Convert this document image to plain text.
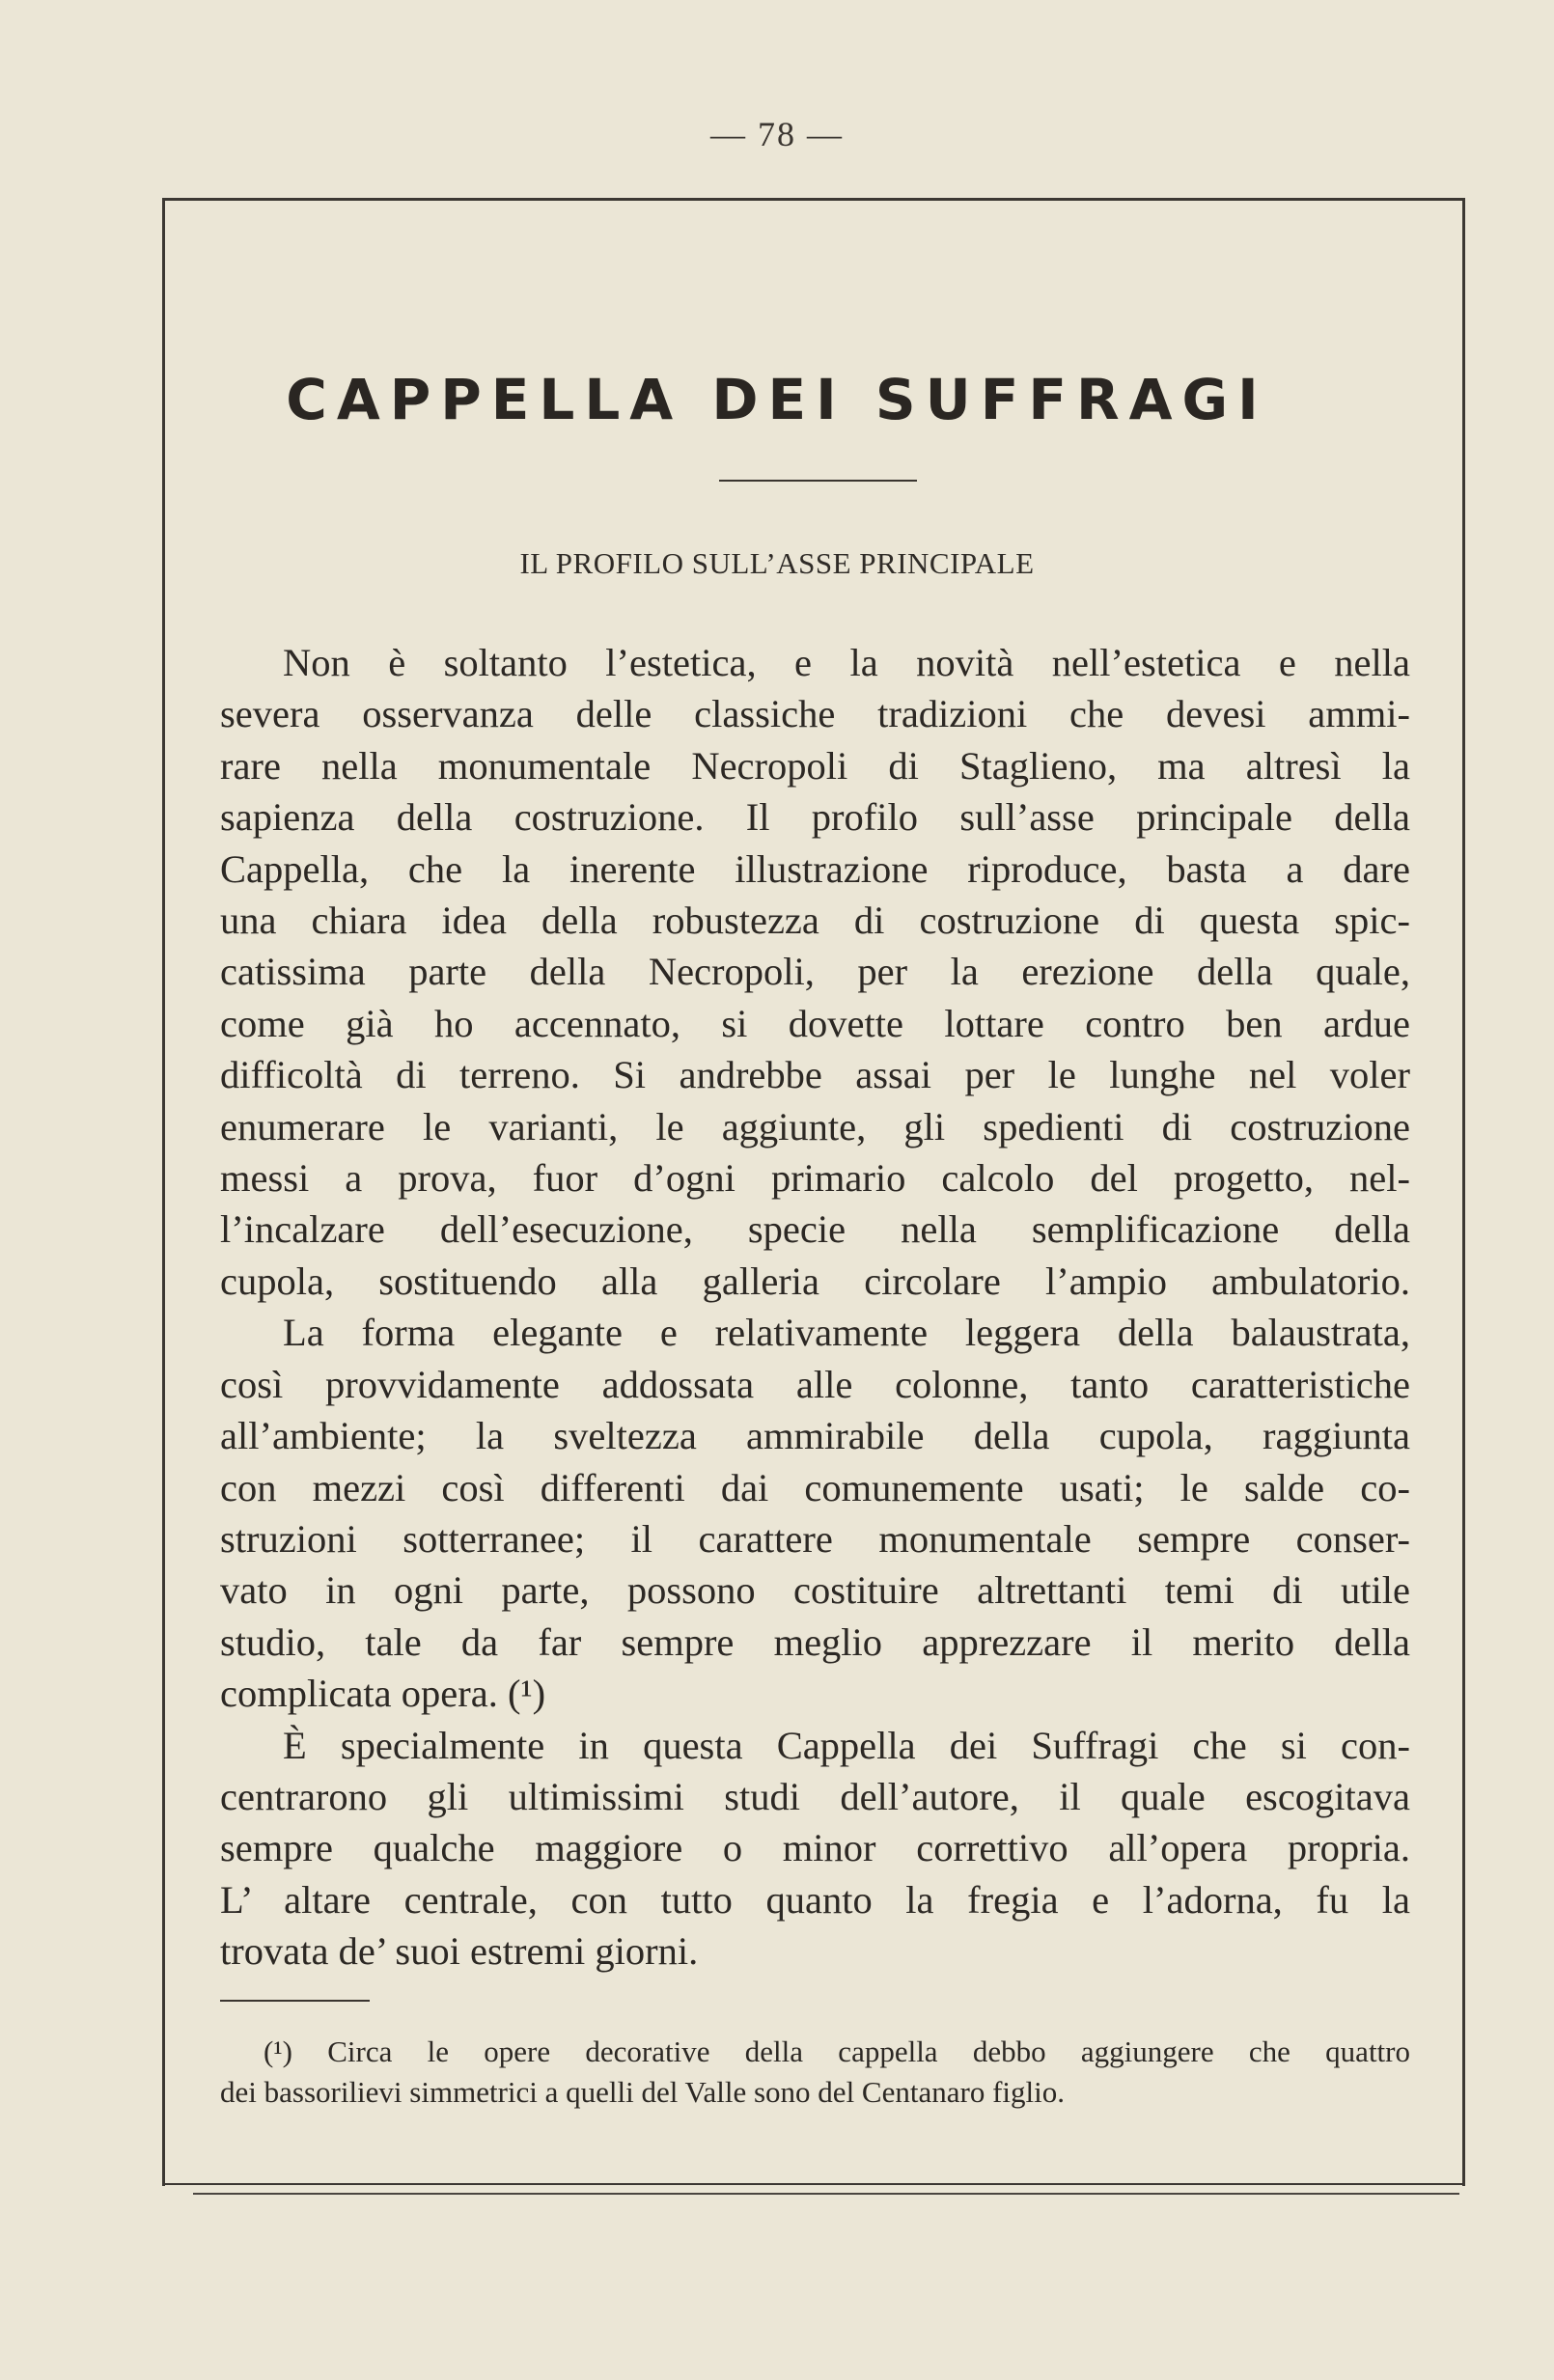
— 78 —
CAPPELLA DEI SUFFRAGI
IL PROFILO SULL’ASSE PRINCIPALE
Non è soltanto l’estetica, e la novità nell’estetica e nella
severa osservanza delle classiche tradizioni che devesi ammi-
rare nella monumentale Necropoli di Staglieno, ma altresì la
sapienza della costruzione. Il profilo sull’asse principale della
Cappella, che la inerente illustrazione riproduce, basta a dare
una chiara idea della robustezza di costruzione di questa spic-
catissima parte della Necropoli, per la erezione della quale,
come già ho accennato, si dovette lottare contro ben ardue
difficoltà di terreno. Si andrebbe assai per le lunghe nel voler
enumerare le varianti, le aggiunte, gli spedienti di costruzione
messi a prova, fuor d’ogni primario calcolo del progetto, nel-
l’incalzare dell’esecuzione, specie nella semplificazione della
cupola, sostituendo alla galleria circolare l’ampio ambulatorio.
La forma elegante e relativamente leggera della balaustrata,
così provvidamente addossata alle colonne, tanto caratteristiche
all’ambiente; la sveltezza ammirabile della cupola, raggiunta
con mezzi così differenti dai comunemente usati; le salde co-
struzioni sotterranee; il carattere monumentale sempre conser-
vato in ogni parte, possono costituire altrettanti temi di utile
studio, tale da far sempre meglio apprezzare il merito della
complicata opera. (¹)
È specialmente in questa Cappella dei Suffragi che si con-
centrarono gli ultimissimi studi dell’autore, il quale escogitava
sempre qualche maggiore o minor correttivo all’opera propria.
L’ altare centrale, con tutto quanto la fregia e l’adorna, fu la
trovata de’ suoi estremi giorni.
(¹) Circa le opere decorative della cappella debbo aggiungere che quattro
dei bassorilievi simmetrici a quelli del Valle sono del Centanaro figlio.
